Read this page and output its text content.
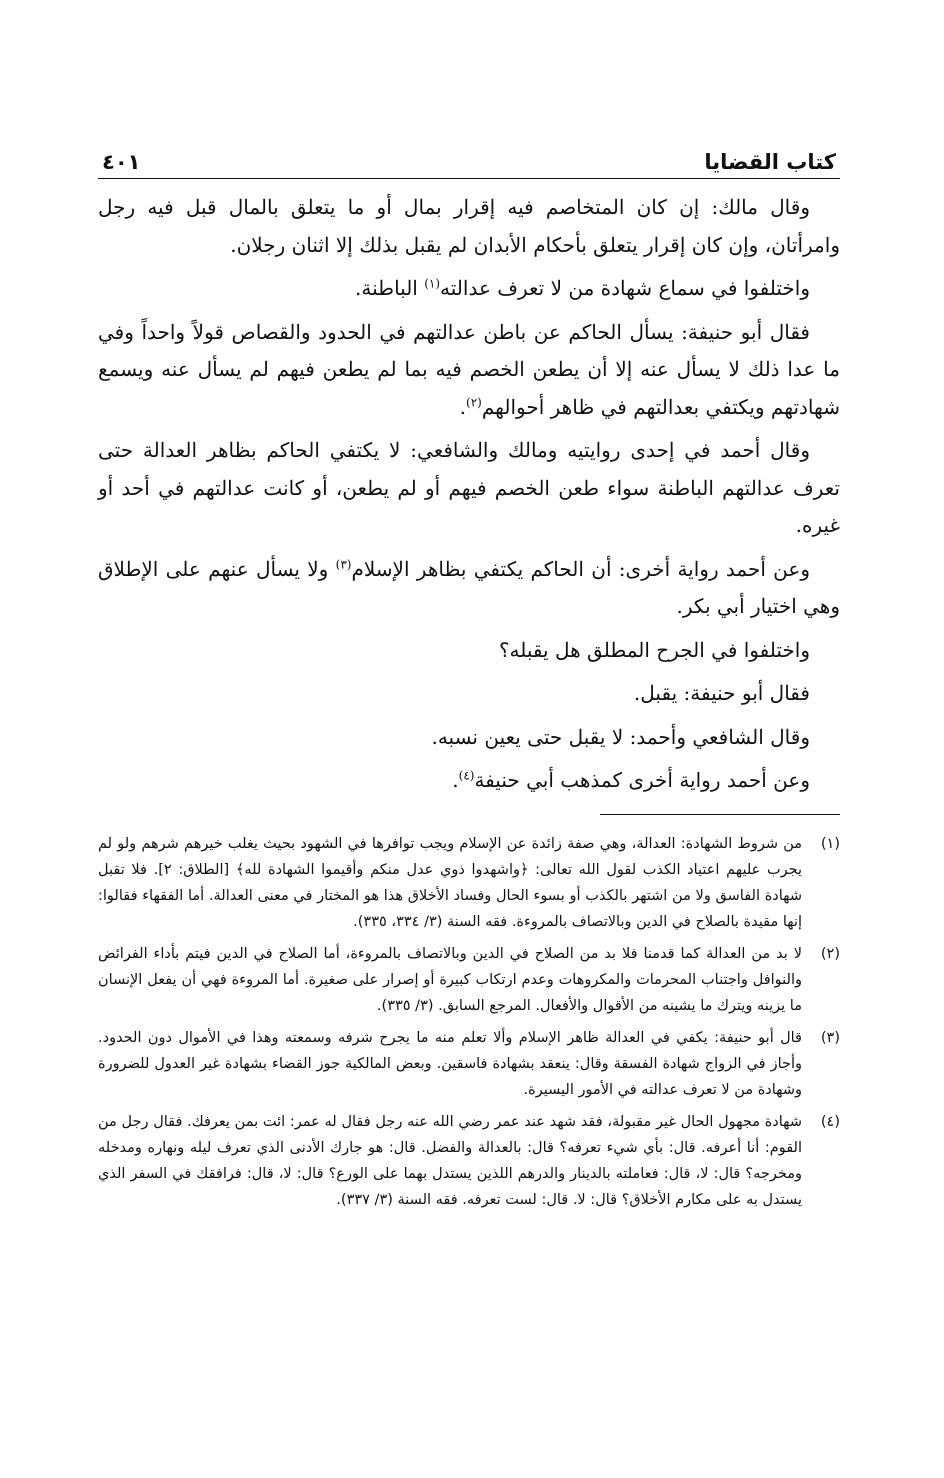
كتاب القضايا
٤٠١

وقال مالك: إن كان المتخاصم فيه إقرار بمال أو ما يتعلق بالمال قبل فيه رجل وامرأتان، وإن كان إقرار يتعلق بأحكام الأبدان لم يقبل بذلك إلا اثنان رجلان.

واختلفوا في سماع شهادة من لا تعرف عدالته$^{(١)}$ الباطنة.

فقال أبو حنيفة: يسأل الحاكم عن باطن عدالتهم في الحدود والقصاص قولاً واحداً وفي ما عدا ذلك لا يسأل عنه إلا أن يطعن الخصم فيه بما لم يطعن فيهم لم يسأل عنه ويسمع شهادتهم ويكتفي بعدالتهم في ظاهر أحوالهم$^{(٢)}$.

وقال أحمد في إحدى روايتيه ومالك والشافعي: لا يكتفي الحاكم بظاهر العدالة حتى تعرف عدالتهم الباطنة سواء طعن الخصم فيهم أو لم يطعن، أو كانت عدالتهم في أحد أو غيره.

وعن أحمد رواية أخرى: أن الحاكم يكتفي بظاهر الإسلام$^{(٣)}$ ولا يسأل عنهم على الإطلاق وهي اختيار أبي بكر.

واختلفوا في الجرح المطلق هل يقبله؟

فقال أبو حنيفة: يقبل.

وقال الشافعي وأحمد: لا يقبل حتى يعين نسبه.

وعن أحمد رواية أخرى كمذهب أبي حنيفة$^{(٤)}$.

(١)
من شروط الشهادة: العدالة، وهي صفة زائدة عن الإسلام ويجب توافرها في الشهود بحيث يغلب خيرهم شرهم ولو لم يجرب عليهم اعتياد الكذب لقول الله تعالى: ﴿واشهدوا ذوي عدل منكم وأقيموا الشهادة لله﴾ [الطلاق: ٢]. فلا تقبل شهادة الفاسق ولا من اشتهر بالكذب أو بسوء الحال وفساد الأخلاق هذا هو المختار في معنى العدالة. أما الفقهاء فقالوا: إنها مقيدة بالصلاح في الدين وبالاتصاف بالمروءة. فقه السنة (٣/ ٣٣٤، ٣٣٥).
(٢)
لا بد من العدالة كما قدمنا فلا بد من الصلاح في الدين وبالاتصاف بالمروءة، أما الصلاح في الدين فيتم بأداء الفرائض والنوافل واجتناب المحرمات والمكروهات وعدم ارتكاب كبيرة أو إصرار على صغيرة. أما المروءة فهي أن يفعل الإنسان ما يزينه ويترك ما يشينه من الأقوال والأفعال. المرجع السابق. (٣/ ٣٣٥).
(٣)
قال أبو حنيفة: يكفي في العدالة ظاهر الإسلام وألا تعلم منه ما يجرح شرفه وسمعته وهذا في الأموال دون الحدود. وأجاز في الزواج شهادة الفسقة وقال: ينعقد بشهادة فاسقين. وبعض المالكية جوز القضاء بشهادة غير العدول للضرورة وشهادة من لا تعرف عدالته في الأمور اليسيرة.
(٤)
شهادة مجهول الحال غير مقبولة، فقد شهد عند عمر رضي الله عنه رجل فقال له عمر: ائت بمن يعرفك. فقال رجل من القوم: أنا أعرفه. قال: بأي شيء تعرفه؟ قال: بالعدالة والفضل. قال: هو جارك الأدنى الذي تعرف ليله ونهاره ومدخله ومخرجه؟ قال: لا، قال: فعاملته بالدينار والدرهم اللذين يستدل بهما على الورع؟ قال: لا، قال: فرافقك في السفر الذي يستدل به على مكارم الأخلاق؟ قال: لا. قال: لست تعرفه. فقه السنة (٣/ ٣٣٧).
